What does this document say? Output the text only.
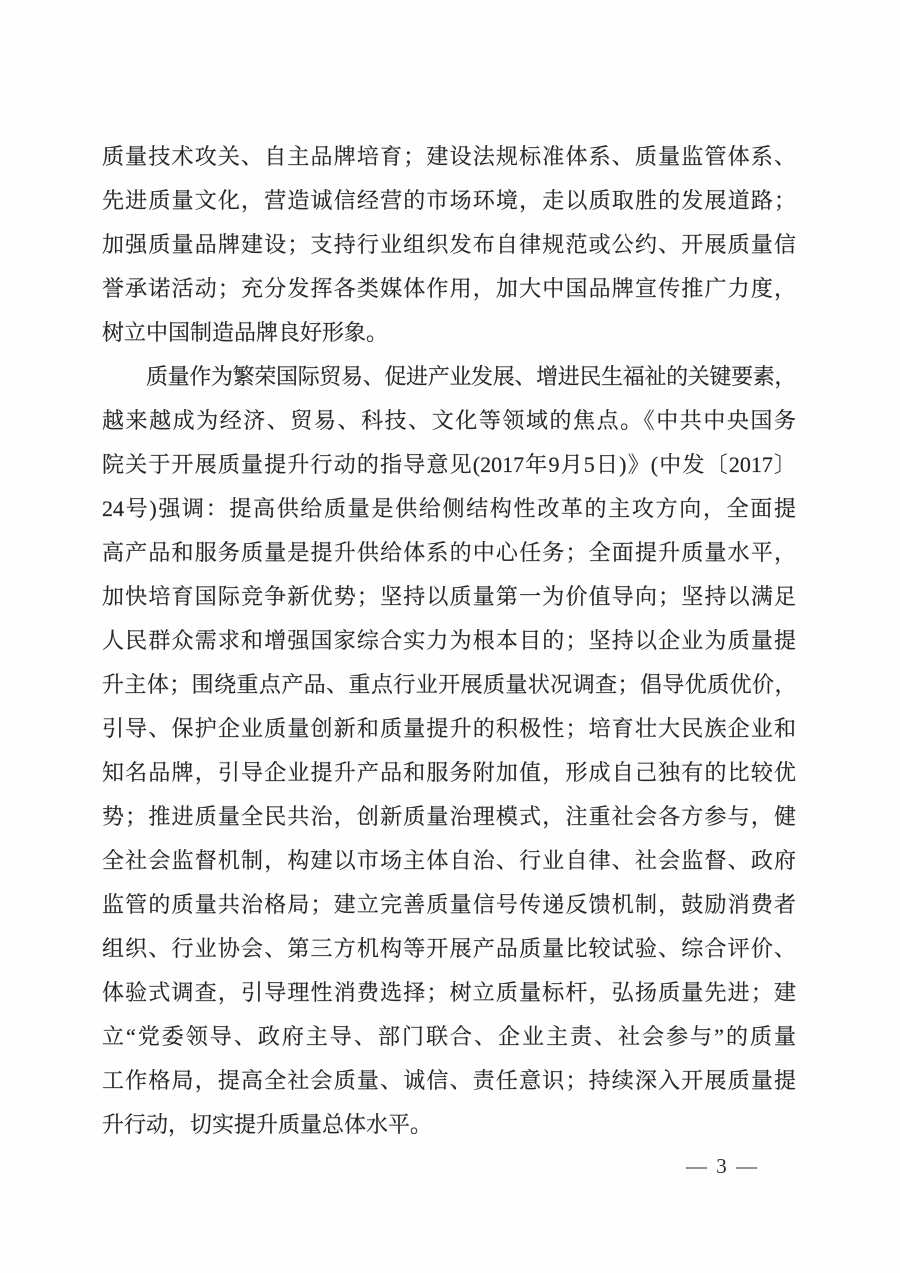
质量技术攻关、自主品牌培育；建设法规标准体系、质量监管体系、

先进质量文化，营造诚信经营的市场环境，走以质取胜的发展道路；

加强质量品牌建设；支持行业组织发布自律规范或公约、开展质量信

誉承诺活动；充分发挥各类媒体作用，加大中国品牌宣传推广力度，

树立中国制造品牌良好形象。

质量作为繁荣国际贸易、促进产业发展、增进民生福祉的关键要素，

越来越成为经济、贸易、科技、文化等领域的焦点。《中共中央国务

院关于开展质量提升行动的指导意见(2017年9月5日)》(中发〔2017〕

24号)强调：提高供给质量是供给侧结构性改革的主攻方向，全面提

高产品和服务质量是提升供给体系的中心任务；全面提升质量水平，

加快培育国际竞争新优势；坚持以质量第一为价值导向；坚持以满足

人民群众需求和增强国家综合实力为根本目的；坚持以企业为质量提

升主体；围绕重点产品、重点行业开展质量状况调查；倡导优质优价，

引导、保护企业质量创新和质量提升的积极性；培育壮大民族企业和

知名品牌，引导企业提升产品和服务附加值，形成自己独有的比较优

势；推进质量全民共治，创新质量治理模式，注重社会各方参与，健

全社会监督机制，构建以市场主体自治、行业自律、社会监督、政府

监管的质量共治格局；建立完善质量信号传递反馈机制，鼓励消费者

组织、行业协会、第三方机构等开展产品质量比较试验、综合评价、

体验式调查，引导理性消费选择；树立质量标杆，弘扬质量先进；建

立“党委领导、政府主导、部门联合、企业主责、社会参与”的质量

工作格局，提高全社会质量、诚信、责任意识；持续深入开展质量提

升行动，切实提升质量总体水平。

— 3 —
